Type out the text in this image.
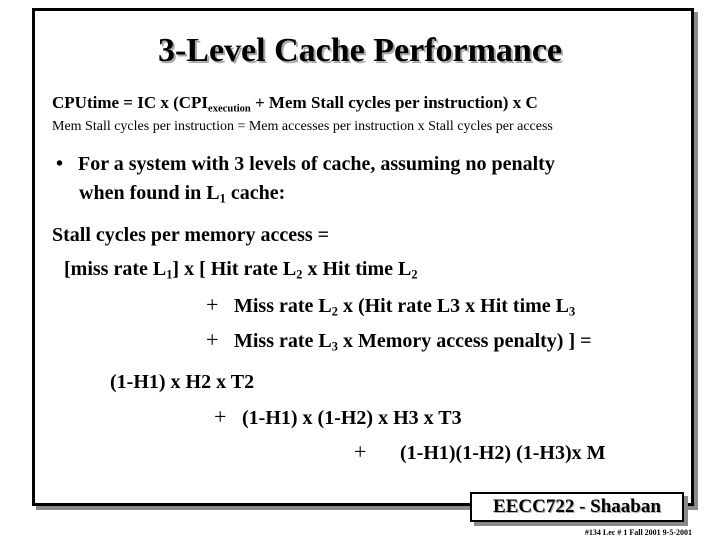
3-Level Cache Performance
CPUtime = IC x ($CPI_{execution}$ + Mem Stall cycles per instruction) x C
Mem Stall cycles per instruction = Mem accesses per instruction x Stall cycles per access
• For a system with 3 levels of cache, assuming no penalty
when found in $L_1$ cache:
Stall cycles per memory access =
[miss rate $L_1$] x [ Hit rate $L_2$ x Hit time $L_2$
+ Miss rate $L_2$ x (Hit rate L3 x Hit time $L_3$
+ Miss rate $L_3$ x Memory access penalty) ] =
(1-H1) x H2 x T2
+ (1-H1) x (1-H2) x H3 x T3
+ (1-H1)(1-H2) (1-H3)x M
EECC722 - Shaaban
#134 Lec # 1 Fall 2001 9-5-2001
